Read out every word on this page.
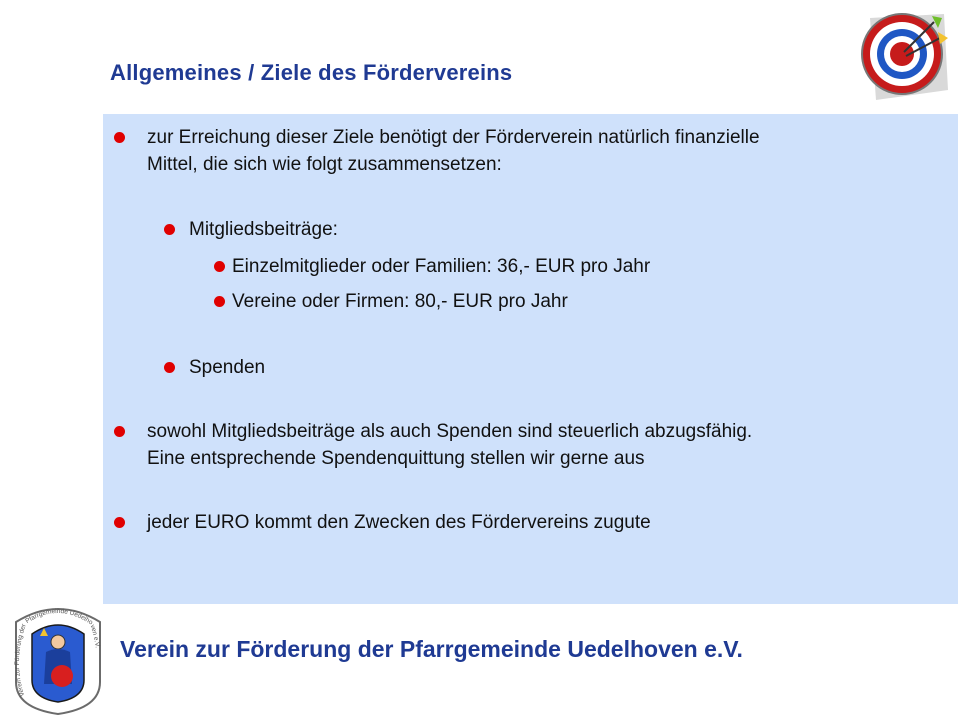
Allgemeines / Ziele des Fördervereins
zur Erreichung dieser Ziele benötigt der Förderverein natürlich finanzielle
Mittel, die sich wie folgt zusammensetzen:
Mitgliedsbeiträge:
Einzelmitglieder oder Familien: 36,- EUR pro Jahr
Vereine oder Firmen: 80,- EUR pro Jahr
Spenden
sowohl Mitgliedsbeiträge als auch Spenden sind steuerlich abzugsfähig.
Eine entsprechende Spendenquittung stellen wir gerne aus
jeder EURO kommt den Zwecken des Fördervereins zugute
Verein zur Förderung der Pfarrgemeinde Uedelhoven e.V. Verein zur Förderung der Pfarrgemeinde Uedelhoven e.V.
